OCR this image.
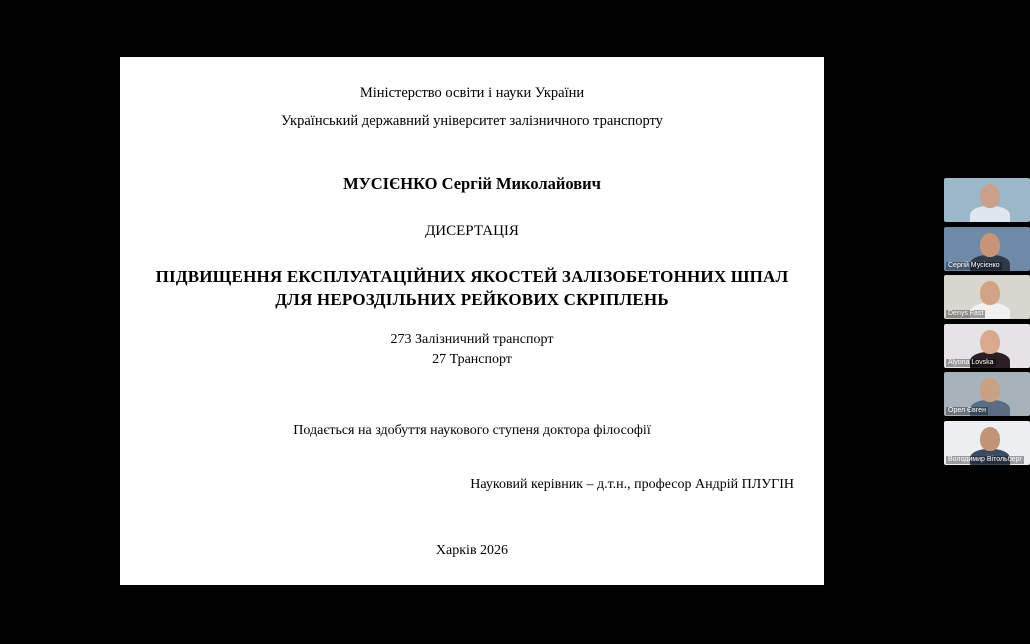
Міністерство освіти і науки України
Український державний університет залізничного транспорту
МУСІЄНКО Сергій Миколайович
ДИСЕРТАЦІЯ
ПІДВИЩЕННЯ ЕКСПЛУАТАЦІЙНИХ ЯКОСТЕЙ ЗАЛІЗОБЕТОННИХ ШПАЛ
ДЛЯ НЕРОЗДІЛЬНИХ РЕЙКОВИХ СКРІПЛЕНЬ
273 Залізничний транспорт
27 Транспорт
Подається на здобуття наукового ступеня доктора філософії
Науковий керівник – д.т.н., професор Андрій ПЛУГІН
Харків 2026
Сергій Мусієнко
Denys Fast
Alyona Lovska
Орел Євген
Володимир Вітольберг
